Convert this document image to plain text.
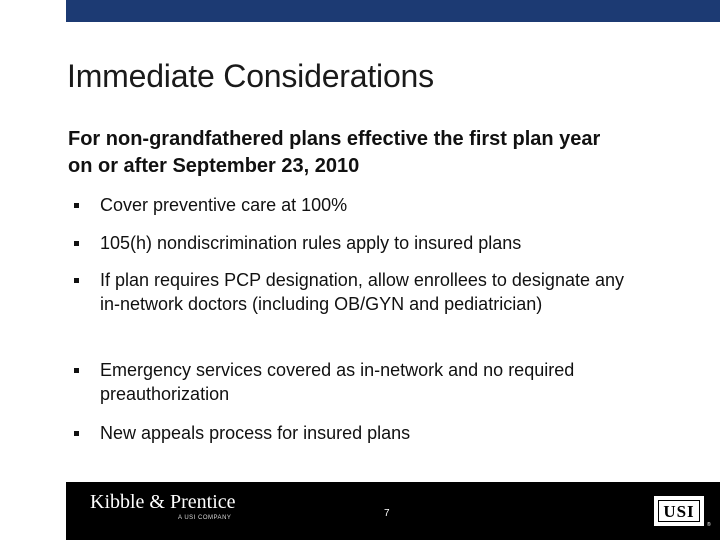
Immediate Considerations
For non-grandfathered plans effective the first plan year on or after September 23, 2010
Cover preventive care at 100%
105(h) nondiscrimination rules apply to insured plans
If plan requires PCP designation, allow enrollees to designate any in-network doctors (including OB/GYN and pediatrician)
Emergency services covered as in-network and no required preauthorization
New appeals process for insured plans
Kibble & Prentice
A USI COMPANY	7	USI
®
